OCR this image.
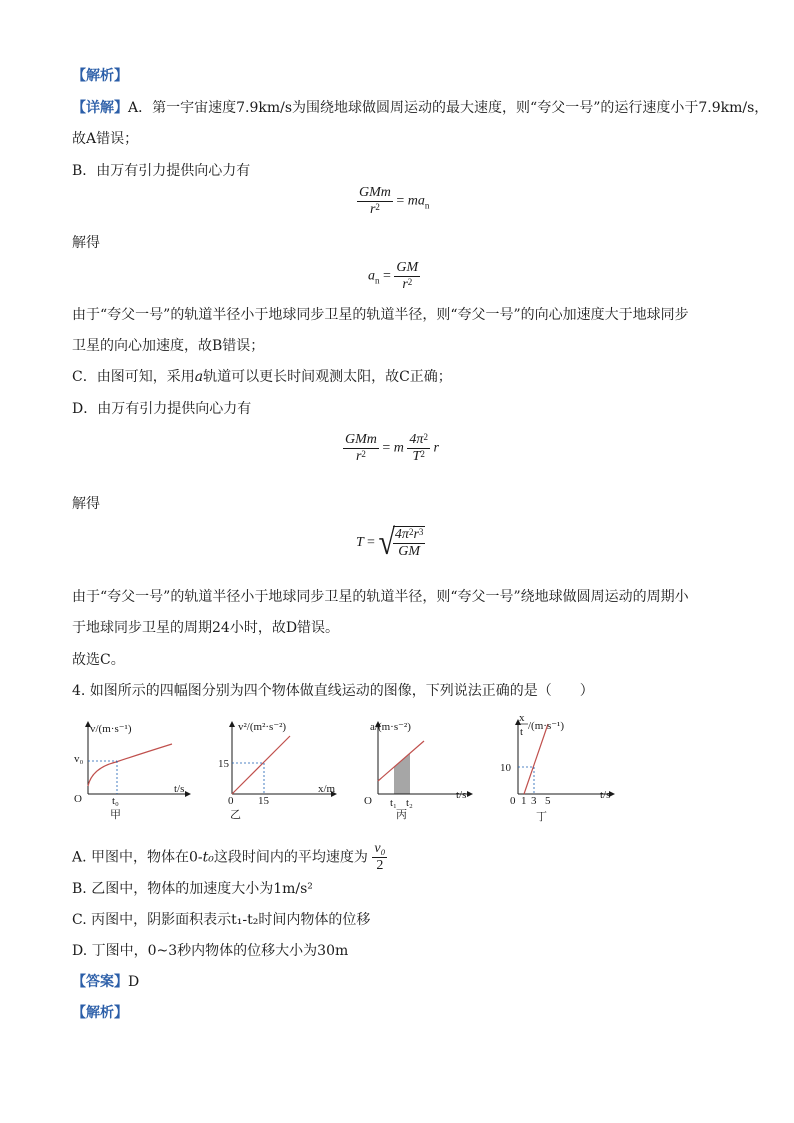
【解析】
【详解】A．第一宇宙速度7.9km/s为围绕地球做圆周运动的最大速度，则“夸父一号”的运行速度小于7.9km/s，
故A错误；
B．由万有引力提供向心力有
$\frac{\text{GMm}}{r^2} = ma_n$
解得
$a_n = \frac{GM}{r^2}$
由于“夸父一号”的轨道半径小于地球同步卫星的轨道半径，则“夸父一号”的向心加速度大于地球同步
卫星的向心加速度，故B错误；
C．由图可知，采用a轨道可以更长时间观测太阳，故C正确；
D．由万有引力提供向心力有
$\frac{\text{GMm}}{r^2} = m \frac{4\pi^2}{T^2}$ r
解得
T = √
$\frac{4\pi^2r^3}{GM}$
由于“夸父一号”的轨道半径小于地球同步卫星的轨道半径，则“夸父一号”绕地球做圆周运动的周期小
于地球同步卫星的周期24小时，故D错误。
故选C。
4. 如图所示的四幅图分别为四个物体做直线运动的图像，下列说法正确的是（　　）
v/(m·s⁻¹)
v₀
O	t₀
t/s
甲
v²/(m²·s⁻²)
15
0 15
x/m
乙
a/(m·s⁻²)
O t₁ t₂
t/s
丙
x
t /(m·s⁻¹)
10
0 1 3 5	t/s
丁
A. 甲图中，物体在0-t₀这段时间内的平均速度为 $\frac{\text{v₀}}{2}$
B. 乙图中，物体的加速度大小为1m/s²
C. 丙图中，阴影面积表示t₁-t₂时间内物体的位移
D. 丁图中，0~3秒内物体的位移大小为30m
【答案】D
【解析】
